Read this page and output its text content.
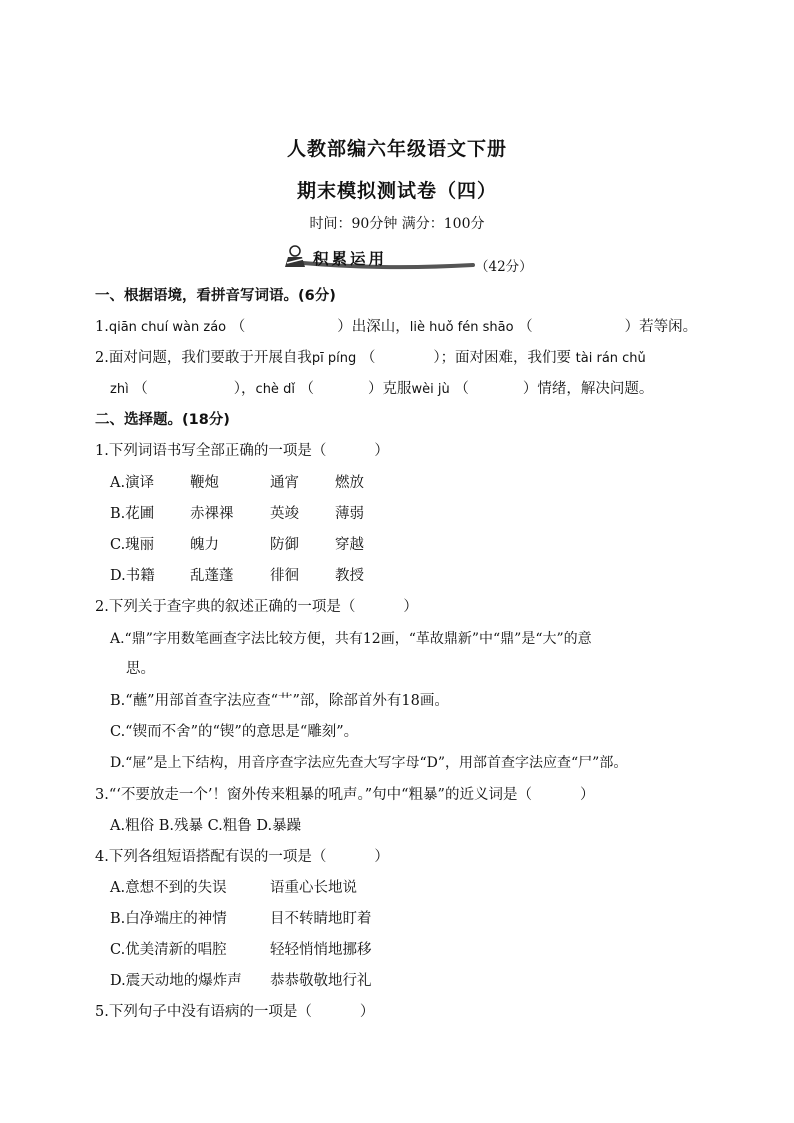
人教部编六年级语文下册
期末模拟测试卷（四）
时间：90分钟 满分：100分
积累运用	（42分）
一、根据语境，看拼音写词语。(6分)
1.qiān chuí wàn záo （	）出深山，liè huǒ fén shāo （	）若等闲。
2.面对问题，我们要敢于开展自我pī píng （	）；面对困难，我们要 tài rán chǔ
zhì （	），chè dǐ （	）克服wèi jù （	）情绪，解决问题。
二、选择题。(18分)
1.下列词语书写全部正确的一项是（	）
A.演译 鞭炮	通宵 燃放
B.花圃 赤祼祼	英竣 薄弱
C.瑰丽 魄力	防御 穿越
D.书籍 乱蓬蓬	徘徊 教授
2.下列关于查字典的叙述正确的一项是（	）
A.“鼎”字用数笔画查字法比较方便，共有12画，“革故鼎新”中“鼎”是“大”的意
思。
B.“蘸”用部首查字法应查“艹”部，除部首外有18画。
C.“锲而不舍”的“锲”的意思是“雕刻”。
D.“屉”是上下结构，用音序查字法应先查大写字母“D”，用部首查字法应查“尸”部。
3.“‘不要放走一个’！窗外传来粗暴的吼声。”句中“粗暴”的近义词是（	）
A.粗俗 B.残暴 C.粗鲁 D.暴躁
4.下列各组短语搭配有误的一项是（	）
A.意想不到的失误	语重心长地说
B.白净端庄的神情	目不转睛地盯着
C.优美清新的唱腔	轻轻悄悄地挪移
D.震天动地的爆炸声 恭恭敬敬地行礼
5.下列句子中没有语病的一项是（	）
